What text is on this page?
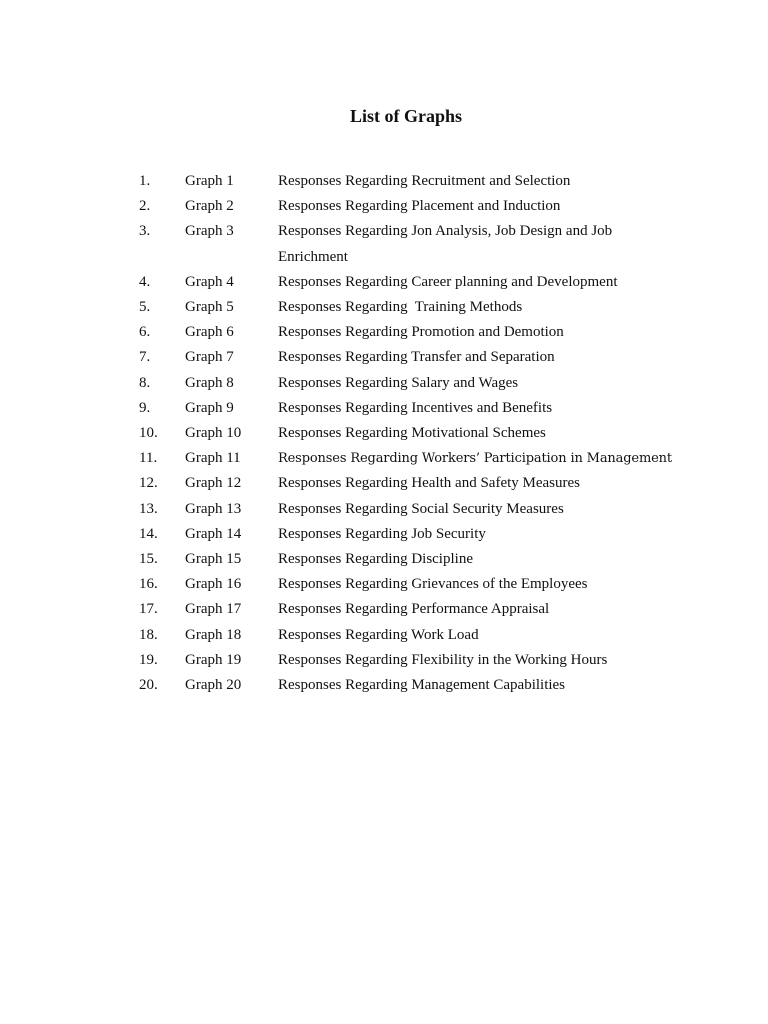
List of Graphs
1. Graph 1	Responses Regarding Recruitment and Selection
2. Graph 2	Responses Regarding Placement and Induction
3. Graph 3	Responses Regarding Jon Analysis, Job Design and Job Enrichment
4. Graph 4	Responses Regarding Career planning and Development
5. Graph 5	Responses Regarding  Training Methods
6. Graph 6	Responses Regarding Promotion and Demotion
7. Graph 7	Responses Regarding Transfer and Separation
8. Graph 8	Responses Regarding Salary and Wages
9. Graph 9	Responses Regarding Incentives and Benefits
10. Graph 10 Responses Regarding Motivational Schemes
11. Graph 11	Responses Regarding Workers’ Participation in Management
12. Graph 12 Responses Regarding Health and Safety Measures
13. Graph 13 Responses Regarding Social Security Measures
14. Graph 14 Responses Regarding Job Security
15. Graph 15 Responses Regarding Discipline
16. Graph 16 Responses Regarding Grievances of the Employees
17. Graph 17 Responses Regarding Performance Appraisal
18. Graph 18 Responses Regarding Work Load
19. Graph 19 Responses Regarding Flexibility in the Working Hours
20. Graph 20 Responses Regarding Management Capabilities
